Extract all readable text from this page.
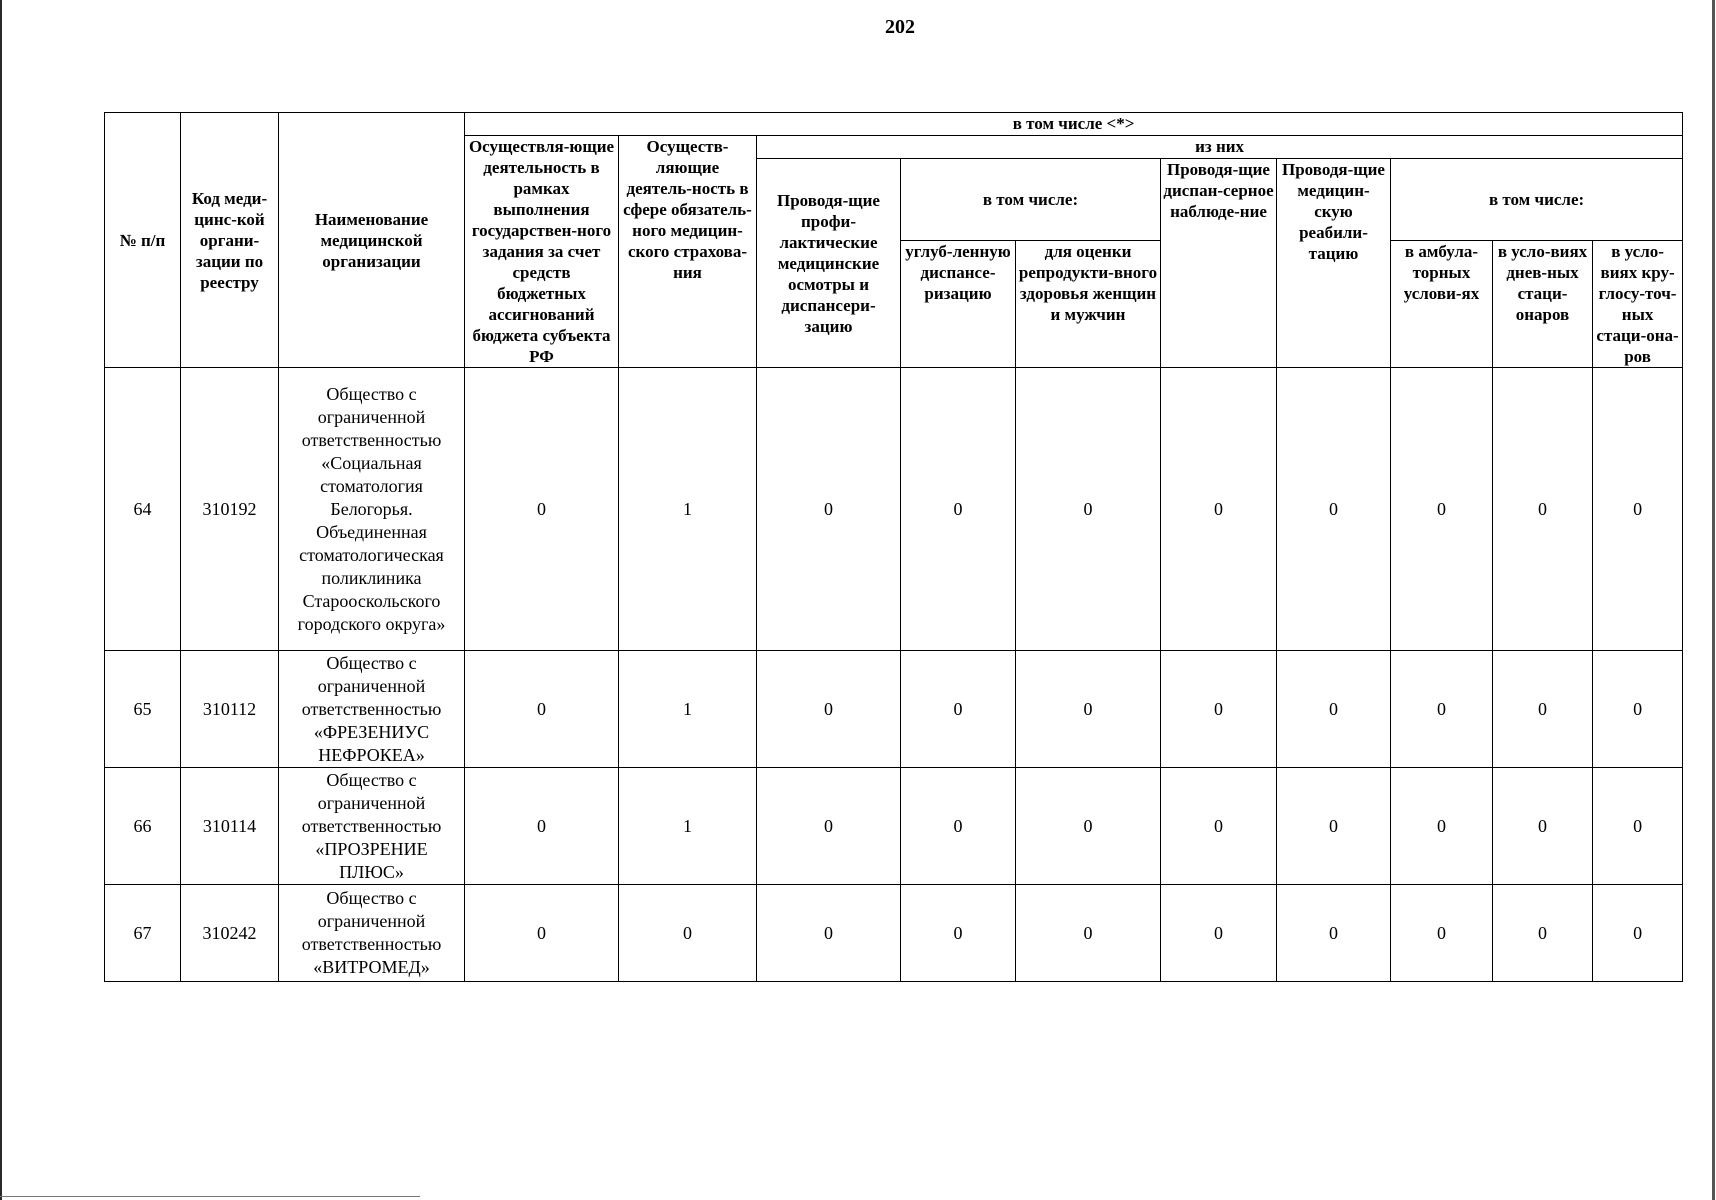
202
№ п/п	Код меди-цинс-кой органи-зации по реестру	Наименование медицинской организации	в том числе <*>									
			Осуществля-ющие деятельность в рамках выполнения государствен-ного задания за счет средств бюджетных ассигнований бюджета субъекта РФ	Осуществ-ляющие деятель-ность в сфере обязатель-ного медицин-ского страхова-ния	из них							
					Проводя-щие профи-лактические медицинские осмотры и диспансери-зацию	в том числе:		Проводя-щие диспан-серное наблюде-ние	Проводя-щие медицин-скую реабили-тацию	в том числе:		
						углуб-ленную диспансе-ризацию	для оценки репродукти-вного здоровья женщин и мужчин			в амбула-торных услови-ях	в усло-виях днев-ных стаци-онаров	в усло-виях кру-глосу-точ-ных стаци-она-ров
64	310192	Общество с ограниченной ответственностью «Социальная стоматология Белогорья. Объединенная стоматологическая поликлиника Старооскольского городского округа»	0	1	0	0	0	0	0	0	0	0
65	310112	Общество с ограниченной ответственностью «ФРЕЗЕНИУС НЕФРОКЕА»	0	1	0	0	0	0	0	0	0	0
66	310114	Общество с ограниченной ответственностью «ПРОЗРЕНИЕ ПЛЮС»	0	1	0	0	0	0	0	0	0	0
67	310242	Общество с ограниченной ответственностью «ВИТРОМЕД»	0	0	0	0	0	0	0	0	0	0
